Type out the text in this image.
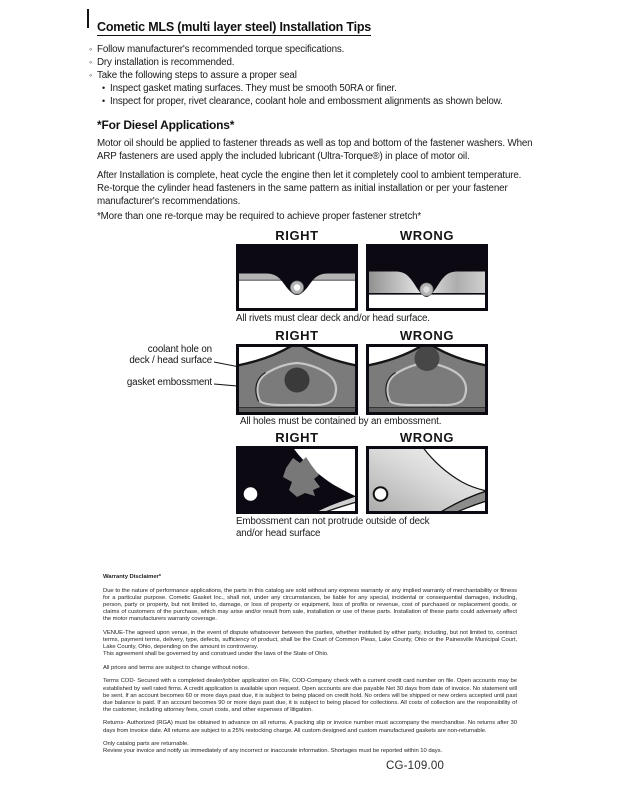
Cometic MLS (multi layer steel) Installation Tips
◦ Follow manufacturer's recommended torque specifications.
◦ Dry installation is recommended.
◦ Take the following steps to assure a proper seal
• Inspect gasket mating surfaces. They must be smooth 50RA or finer.
• Inspect for proper, rivet clearance, coolant hole and embossment alignments as shown below.
*For Diesel Applications*
Motor oil should be applied to fastener threads as well as top and bottom of the fastener washers. When ARP fasteners are used apply the included lubricant (Ultra-Torque®) in place of motor oil.
After Installation is complete, heat cycle the engine then let it completely cool to ambient temperature. Re-torque the cylinder head fasteners in the same pattern as initial installation or per your fastener manufacturer's recommendations.
*More than one re-torque may be required to achieve proper fastener stretch*
RIGHT	WRONG
All rivets must clear deck and/or head surface.
coolant hole on
deck / head surface
gasket embossment
RIGHT	WRONG
All holes must be contained by an embossment.
RIGHT	WRONG
Embossment can not protrude outside of deck and/or head surface
Warranty Disclaimer*

Due to the nature of performance applications, the parts in this catalog are sold without any express warranty or any implied warranty of merchantability or fitness for a particular purpose. Cometic Gasket Inc., shall not, under any circumstances, be liable for any special, incidental or consequential damages, including, person, party or property, but not limited to, damage, or loss of property or equipment, loss of profits or revenue, cost of purchased or replacement goods, or claims of customers of the purchase, which may arise and/or result from sale, installation or use of these parts. Installation of these parts could adversely affect the motor manufacturers warranty coverage.

VENUE-The agreed upon venue, in the event of dispute whatsoever between the parties, whether instituted by either party, including, but not limited to, contract terms, payment terms, delivery, type, defects, sufficiency of product, shall be the Court of Common Pleas, Lake County, Ohio or the Painesville Municipal Court, Lake County, Ohio, depending on the amount in controversy.

This agreement shall be governed by and construed under the laws of the State of Ohio.

All prices and terms are subject to change without notice.

Terms COD- Secured with a completed dealer/jobber application on File, COD-Company check with a current credit card number on file. Open accounts may be established by well rated firms. A credit application is available upon request. Open accounts are due payable Net 30 days from date of invoice. No statement will be sent. If an account becomes 60 or more days past due, it is subject to being placed on credit hold. No orders will be shipped or new orders accepted until past due balance is paid. If an account becomes 90 or more days past due, it is subject to being placed for collections. All costs of collection are the responsibility of the customer, including attorney fees, court costs, and other expenses of litigation.

Returns- Authorized (RGA) must be obtained in advance on all returns. A packing slip or invoice number must accompany the merchandise. No returns after 30 days from invoice date. All returns are subject to a 25% restocking charge. All custom designed and custom manufactured gaskets are non-returnable.

Only catalog parts are returnable.

Review your invoice and notify us immediately of any incorrect or inaccurate information. Shortages must be reported within 10 days.

CG-109.00
